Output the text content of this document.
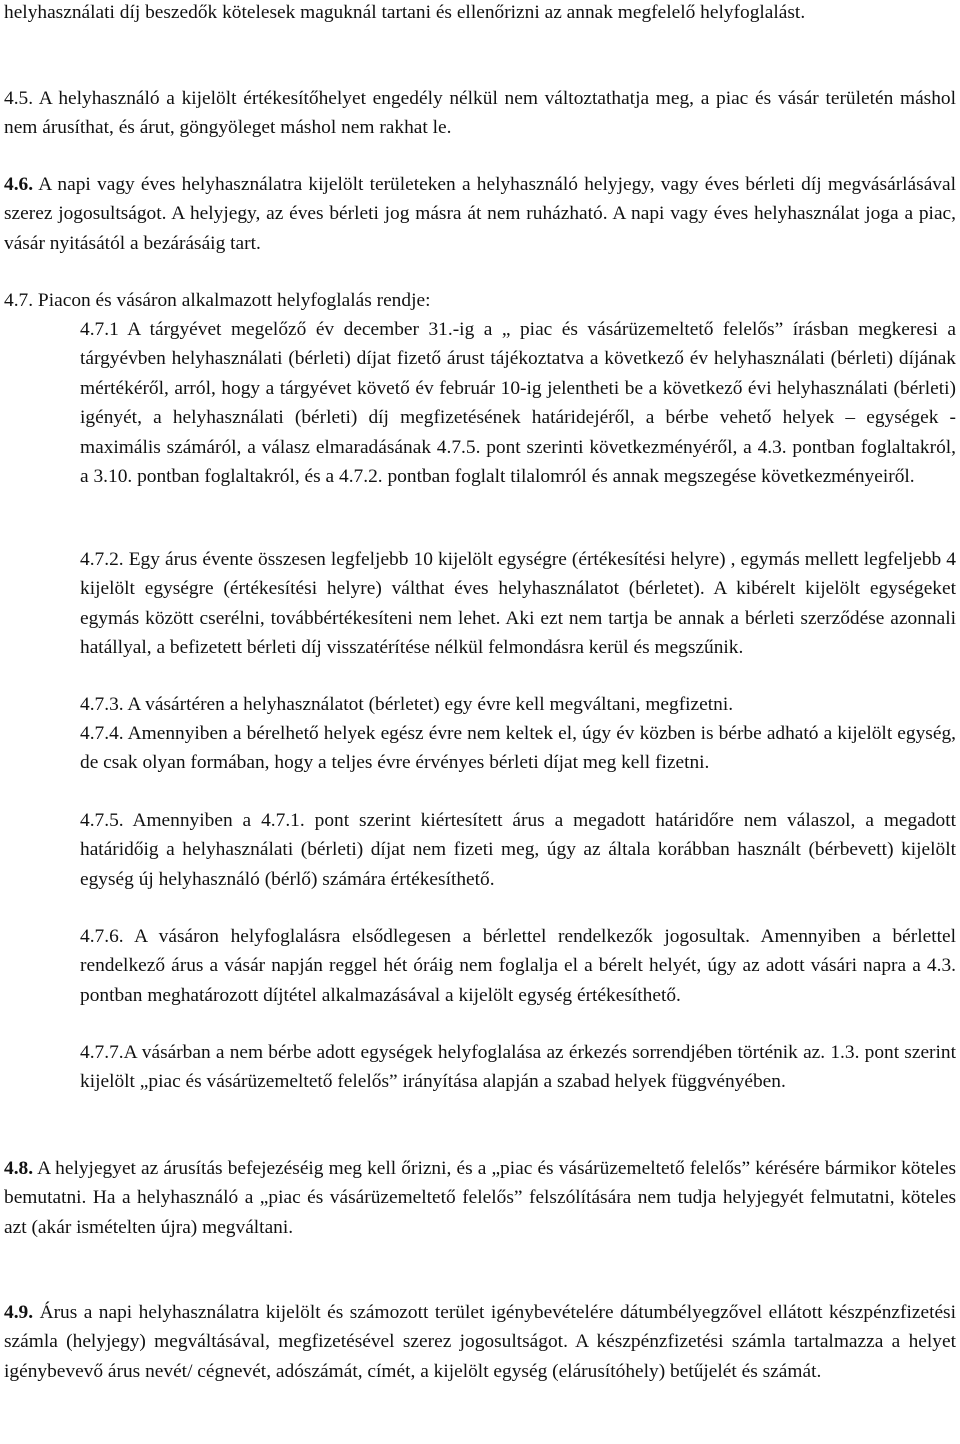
helyhasználati díj beszedők kötelesek maguknál tartani és ellenőrizni az annak megfelelő helyfoglalást.
4.5. A helyhasználó a kijelölt értékesítőhelyet engedély nélkül nem változtathatja meg, a piac és vásár területén máshol nem árusíthat, és árut, göngyöleget máshol nem rakhat le.
4.6. A napi vagy éves helyhasználatra kijelölt területeken a helyhasználó helyjegy, vagy éves bérleti díj megvásárlásával szerez jogosultságot. A helyjegy, az éves bérleti jog másra át nem ruházható. A napi vagy éves helyhasználat joga a piac, vásár nyitásától a bezárásáig tart.
4.7. Piacon és vásáron alkalmazott helyfoglalás rendje:
4.7.1 A tárgyévet megelőző év december 31.-ig a „ piac és vásárüzemeltető felelős” írásban megkeresi a tárgyévben helyhasználati (bérleti) díjat fizető árust tájékoztatva a következő év helyhasználati (bérleti) díjának mértékéről, arról, hogy a tárgyévet követő év február 10-ig jelentheti be a következő évi helyhasználati (bérleti) igényét, a helyhasználati (bérleti) díj megfizetésének határidejéről, a bérbe vehető helyek – egységek - maximális számáról, a válasz elmaradásának 4.7.5. pont szerinti következményéről, a 4.3. pontban foglaltakról, a 3.10. pontban foglaltakról, és a 4.7.2. pontban foglalt tilalomról és annak megszegése következményeiről.
4.7.2. Egy árus évente összesen legfeljebb 10 kijelölt egységre (értékesítési helyre) , egymás mellett legfeljebb 4 kijelölt egységre (értékesítési helyre) válthat éves helyhasználatot (bérletet). A kibérelt kijelölt egységeket egymás között cserélni, továbbértékesíteni nem lehet. Aki ezt nem tartja be annak a bérleti szerződése azonnali hatállyal, a befizetett bérleti díj visszatérítése nélkül felmondásra kerül és megszűnik.
4.7.3. A vásártéren a helyhasználatot (bérletet) egy évre kell megváltani, megfizetni.
4.7.4. Amennyiben a bérelhető helyek egész évre nem keltek el, úgy év közben is bérbe adható a kijelölt egység, de csak olyan formában, hogy a teljes évre érvényes bérleti díjat meg kell fizetni.
4.7.5. Amennyiben a 4.7.1. pont szerint kiértesített árus a megadott határidőre nem válaszol, a megadott határidőig a helyhasználati (bérleti) díjat nem fizeti meg, úgy az általa korábban használt (bérbevett) kijelölt egység új helyhasználó (bérlő) számára értékesíthető.
4.7.6. A vásáron helyfoglalásra elsődlegesen a bérlettel rendelkezők jogosultak. Amennyiben a bérlettel rendelkező árus a vásár napján reggel hét óráig nem foglalja el a bérelt helyét, úgy az adott vásári napra a 4.3. pontban meghatározott díjtétel alkalmazásával a kijelölt egység értékesíthető.
4.7.7.A vásárban a nem bérbe adott egységek helyfoglalása az érkezés sorrendjében történik az. 1.3. pont szerint kijelölt „piac és vásárüzemeltető felelős” irányítása alapján a szabad helyek függvényében.
4.8. A helyjegyet az árusítás befejezéséig meg kell őrizni, és a „piac és vásárüzemeltető felelős” kérésére bármikor köteles bemutatni. Ha a helyhasználó a „piac és vásárüzemeltető felelős” felszólítására nem tudja helyjegyét felmutatni, köteles azt (akár ismételten újra) megváltani.
4.9. Árus a napi helyhasználatra kijelölt és számozott terület igénybevételére dátumbélyegzővel ellátott készpénzfizetési számla (helyjegy) megváltásával, megfizetésével szerez jogosultságot. A készpénzfizetési számla tartalmazza a helyet igénybevevő árus nevét/ cégnevét, adószámát, címét, a kijelölt egység (elárusítóhely) betűjelét és számát.
